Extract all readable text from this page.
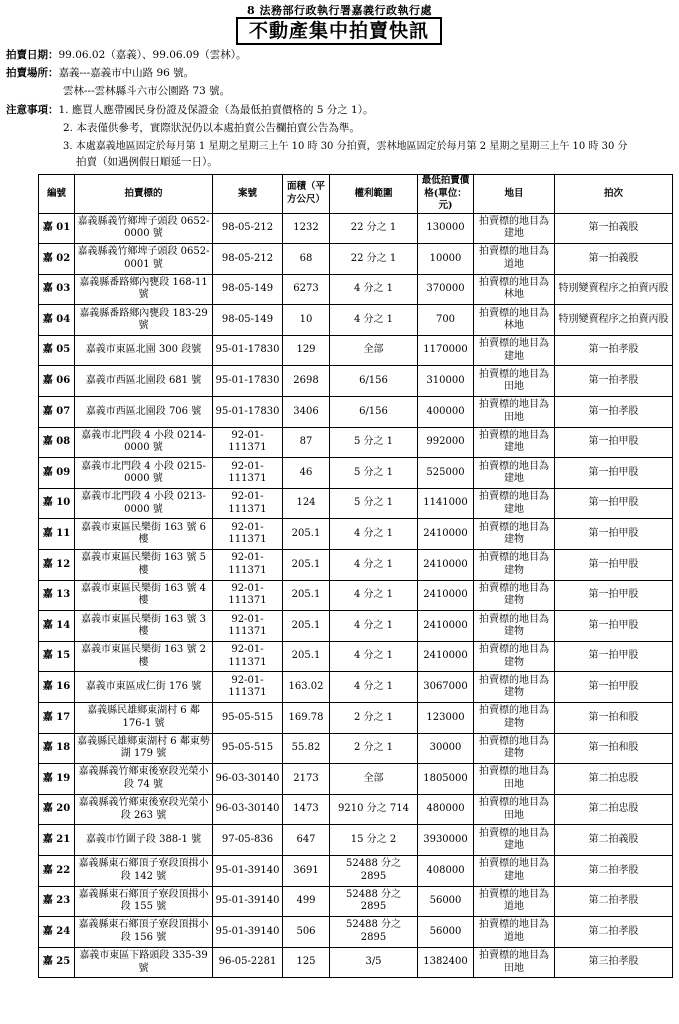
8 法務部行政執行署嘉義行政執行處
不動產集中拍賣快訊
拍賣日期：99.06.02（嘉義）、99.06.09（雲林）。
拍賣場所：嘉義---嘉義市中山路 96 號。
雲林---雲林縣斗六市公園路 73 號。
注意事項：1. 應買人應帶國民身份證及保證金（為最低拍賣價格的 5 分之 1）。
2. 本表僅供參考，實際狀況仍以本處拍賣公告欄拍賣公告為準。
3. 本處嘉義地區固定於每月第 1 星期之星期三上午 10 時 30 分拍賣，雲林地區固定於每月第 2 星期之星期三上午 10 時 30 分
拍賣（如遇例假日順延一日）。
編號	拍賣標的	案號	面積（平方公尺）	權利範圍	最低拍賣價格(單位：元)	地目	拍次
嘉 01	嘉義縣義竹鄉埤子頭段 0652-0000 號	98-05-212	1232	22 分之 1	130000	拍賣標的地目為建地	第一拍義股
嘉 02	嘉義縣義竹鄉埤子頭段 0652-0001 號	98-05-212	68	22 分之 1	10000	拍賣標的地目為道地	第一拍義股
嘉 03	嘉義縣番路鄉內甕段 168-11 號	98-05-149	6273	4 分之 1	370000	拍賣標的地目為林地	特別變賣程序之拍賣丙股
嘉 04	嘉義縣番路鄉內甕段 183-29 號	98-05-149	10	4 分之 1	700	拍賣標的地目為林地	特別變賣程序之拍賣丙股
嘉 05	嘉義市東區北園 300 段號	95-01-17830	129	全部	1170000	拍賣標的地目為建地	第一拍孝股
嘉 06	嘉義市西區北園段 681 號	95-01-17830	2698	6/156	310000	拍賣標的地目為田地	第一拍孝股
嘉 07	嘉義市西區北園段 706 號	95-01-17830	3406	6/156	400000	拍賣標的地目為田地	第一拍孝股
嘉 08	嘉義市北門段 4 小段 0214-0000 號	92-01-111371	87	5 分之 1	992000	拍賣標的地目為建地	第一拍甲股
嘉 09	嘉義市北門段 4 小段 0215-0000 號	92-01-111371	46	5 分之 1	525000	拍賣標的地目為建地	第一拍甲股
嘉 10	嘉義市北門段 4 小段 0213-0000 號	92-01-111371	124	5 分之 1	1141000	拍賣標的地目為建地	第一拍甲股
嘉 11	嘉義市東區民樂街 163 號 6 樓	92-01-111371	205.1	4 分之 1	2410000	拍賣標的地目為建物	第一拍甲股
嘉 12	嘉義市東區民樂街 163 號 5 樓	92-01-111371	205.1	4 分之 1	2410000	拍賣標的地目為建物	第一拍甲股
嘉 13	嘉義市東區民樂街 163 號 4 樓	92-01-111371	205.1	4 分之 1	2410000	拍賣標的地目為建物	第一拍甲股
嘉 14	嘉義市東區民樂街 163 號 3 樓	92-01-111371	205.1	4 分之 1	2410000	拍賣標的地目為建物	第一拍甲股
嘉 15	嘉義市東區民樂街 163 號 2 樓	92-01-111371	205.1	4 分之 1	2410000	拍賣標的地目為建物	第一拍甲股
嘉 16	嘉義市東區成仁街 176 號	92-01-111371	163.02	4 分之 1	3067000	拍賣標的地目為建物	第一拍甲股
嘉 17	嘉義縣民雄鄉東湖村 6 鄰 176-1 號	95-05-515	169.78	2 分之 1	123000	拍賣標的地目為建物	第一拍和股
嘉 18	嘉義縣民雄鄉東湖村 6 鄰東勢湖 179 號	95-05-515	55.82	2 分之 1	30000	拍賣標的地目為建物	第一拍和股
嘉 19	嘉義縣義竹鄉東後寮段光榮小段 74 號	96-03-30140	2173	全部	1805000	拍賣標的地目為田地	第二拍忠股
嘉 20	嘉義縣義竹鄉東後寮段光榮小段 263 號	96-03-30140	1473	9210 分之 714	480000	拍賣標的地目為田地	第二拍忠股
嘉 21	嘉義市竹圍子段 388-1 號	97-05-836	647	15 分之 2	3930000	拍賣標的地目為建地	第二拍義股
嘉 22	嘉義縣東石鄉頂子寮段頂揖小段 142 號	95-01-39140	3691	52488 分之 2895	408000	拍賣標的地目為建地	第二拍孝股
嘉 23	嘉義縣東石鄉頂子寮段頂揖小段 155 號	95-01-39140	499	52488 分之 2895	56000	拍賣標的地目為道地	第二拍孝股
嘉 24	嘉義縣東石鄉頂子寮段頂揖小段 156 號	95-01-39140	506	52488 分之 2895	56000	拍賣標的地目為道地	第二拍孝股
嘉 25	嘉義市東區下路頭段 335-39 號	96-05-2281	125	3/5	1382400	拍賣標的地目為田地	第三拍孝股
